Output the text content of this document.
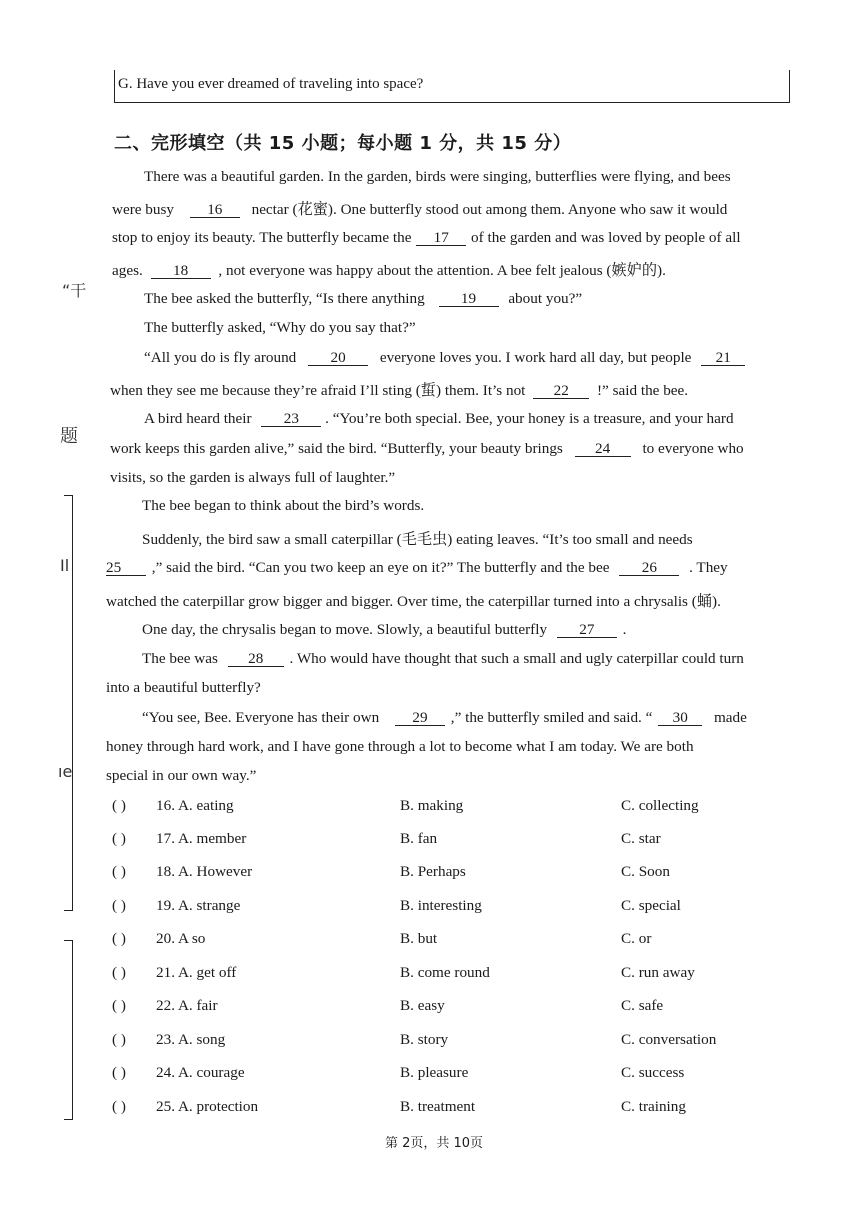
G. Have you ever dreamed of traveling into space?
二、完形填空（共 15 小题；每小题 1 分，共 15 分）
“干
题
Il
ıe
There was a beautiful garden. In the garden, birds were singing, butterflies were flying, and bees
were busy 16 nectar (花蜜). One butterfly stood out among them. Anyone who saw it would
stop to enjoy its beauty. The butterfly became the 17 of the garden and was loved by people of all
ages. 18 , not everyone was happy about the attention. A bee felt jealous (嫉妒的).
The bee asked the butterfly, “Is there anything 19 about you?”
The butterfly asked, “Why do you say that?”
“All you do is fly around 20 everyone loves you. I work hard all day, but people 21
when they see me because they’re afraid I’ll sting (蜇) them. It’s not 22 !” said the bee.
A bird heard their 23 . “You’re both special. Bee, your honey is a treasure, and your hard
work keeps this garden alive,” said the bird. “Butterfly, your beauty brings 24 to everyone who
visits, so the garden is always full of laughter.”
The bee began to think about the bird’s words.
Suddenly, the bird saw a small caterpillar (毛毛虫) eating leaves. “It’s too small and needs
25 ,” said the bird. “Can you two keep an eye on it?” The butterfly and the bee 26 . They
watched the caterpillar grow bigger and bigger. Over time, the caterpillar turned into a chrysalis (蛹).
One day, the chrysalis began to move. Slowly, a beautiful butterfly 27 .
The bee was 28 . Who would have thought that such a small and ugly caterpillar could turn
into a beautiful butterfly?
“You see, Bee. Everyone has their own 29 ,” the butterfly smiled and said. “ 30 made
honey through hard work, and I have gone through a lot to become what I am today. We are both
special in our own way.”
( ) 16. A. eating	B. making	C. collecting
( ) 17. A. member	B. fan	C. star
( ) 18. A. However	B. Perhaps	C. Soon
( ) 19. A. strange	B. interesting	C. special
( ) 20. A so	B. but	C. or
( ) 21. A. get off	B. come round	C. run away
( ) 22. A. fair	B. easy	C. safe
( ) 23. A. song	B. story	C. conversation
( ) 24. A. courage	B. pleasure	C. success
( ) 25. A. protection	B. treatment	C. training
第 2页，共 10页
